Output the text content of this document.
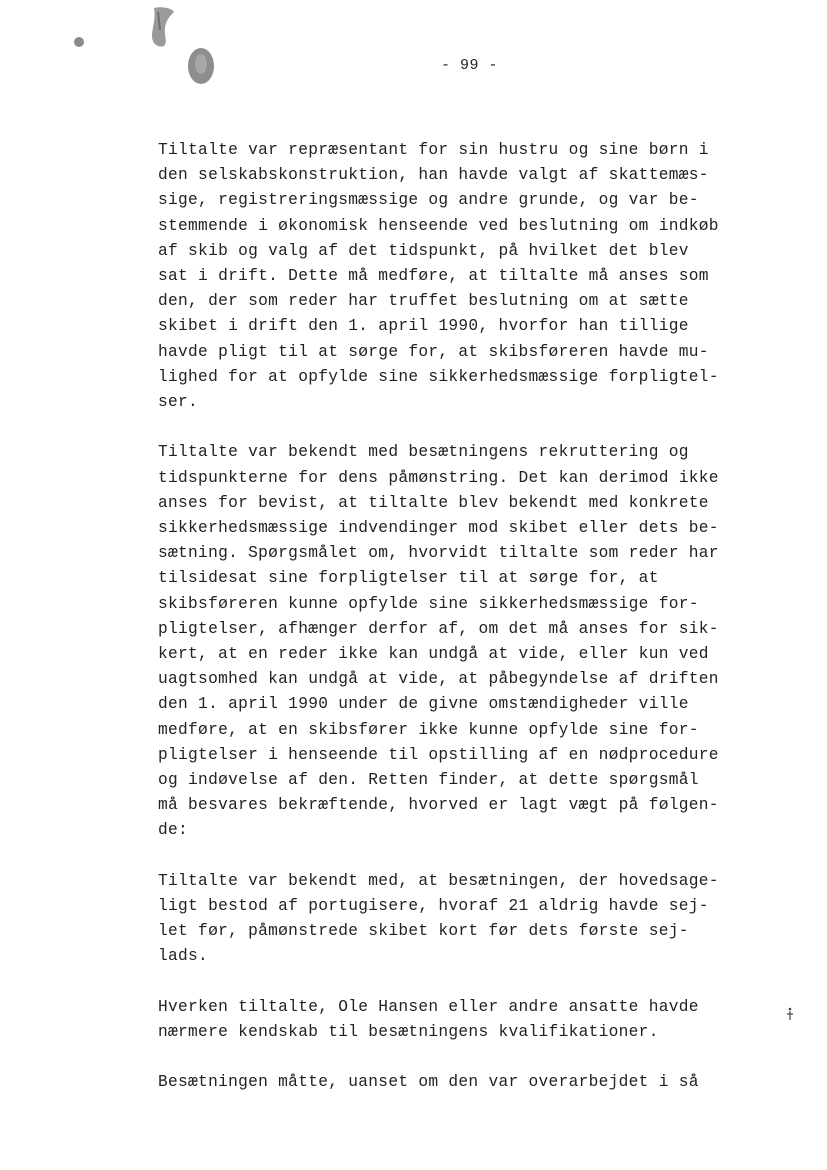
- 99 -

Tiltalte var repræsentant for sin hustru og sine børn i
den selskabskonstruktion, han havde valgt af skattemæs-
sige, registreringsmæssige og andre grunde, og var be-
stemmende i økonomisk henseende ved beslutning om indkøb
af skib og valg af det tidspunkt, på hvilket det blev
sat i drift. Dette må medføre, at tiltalte må anses som
den, der som reder har truffet beslutning om at sætte
skibet i drift den 1. april 1990, hvorfor han tillige
havde pligt til at sørge for, at skibsføreren havde mu-
lighed for at opfylde sine sikkerhedsmæssige forpligtel-
ser.

Tiltalte var bekendt med besætningens rekruttering og
tidspunkterne for dens påmønstring. Det kan derimod ikke
anses for bevist, at tiltalte blev bekendt med konkrete
sikkerhedsmæssige indvendinger mod skibet eller dets be-
sætning. Spørgsmålet om, hvorvidt tiltalte som reder har
tilsidesat sine forpligtelser til at sørge for, at
skibsføreren kunne opfylde sine sikkerhedsmæssige for-
pligtelser, afhænger derfor af, om det må anses for sik-
kert, at en reder ikke kan undgå at vide, eller kun ved
uagtsomhed kan undgå at vide, at påbegyndelse af driften
den 1. april 1990 under de givne omstændigheder ville
medføre, at en skibsfører ikke kunne opfylde sine for-
pligtelser i henseende til opstilling af en nødprocedure
og indøvelse af den. Retten finder, at dette spørgsmål
må besvares bekræftende, hvorved er lagt vægt på følgen-
de:

Tiltalte var bekendt med, at besætningen, der hovedsage-
ligt bestod af portugisere, hvoraf 21 aldrig havde sej-
let før, påmønstrede skibet kort før dets første sej-
lads.

Hverken tiltalte, Ole Hansen eller andre ansatte havde
nærmere kendskab til besætningens kvalifikationer.

Besætningen måtte, uanset om den var overarbejdet i så
